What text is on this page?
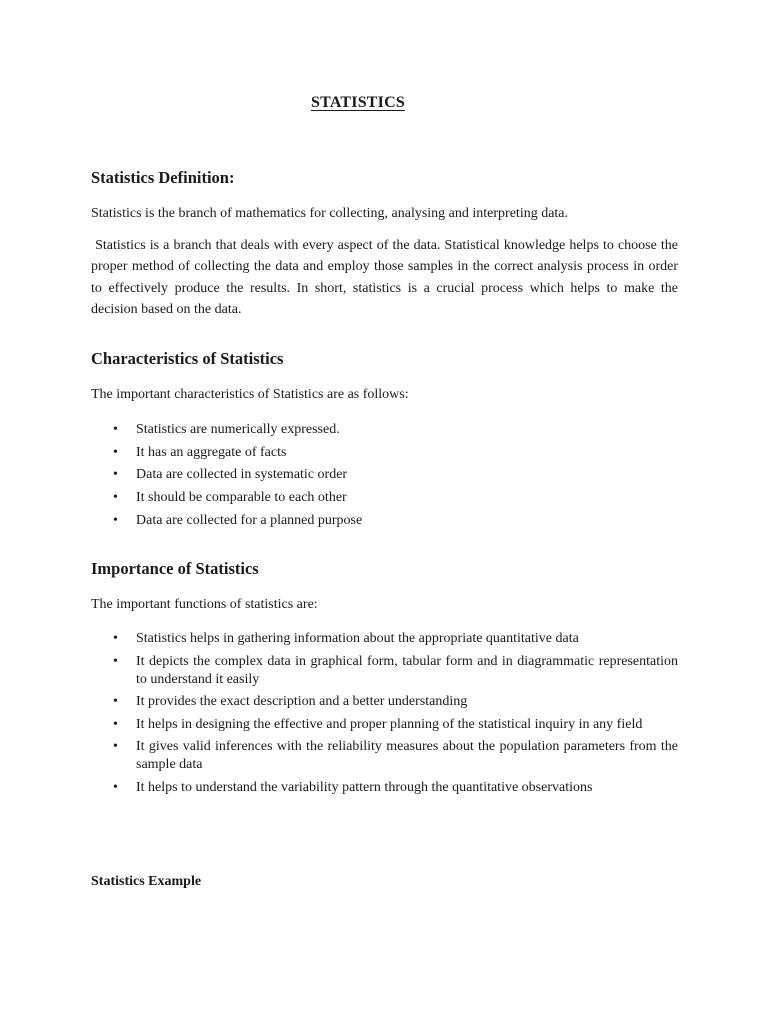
STATISTICS
Statistics Definition:
Statistics is the branch of mathematics for collecting, analysing and interpreting data.
Statistics is a branch that deals with every aspect of the data. Statistical knowledge helps to choose the proper method of collecting the data and employ those samples in the correct analysis process in order to effectively produce the results. In short, statistics is a crucial process which helps to make the decision based on the data.
Characteristics of Statistics
The important characteristics of Statistics are as follows:
• Statistics are numerically expressed.
• It has an aggregate of facts
• Data are collected in systematic order
• It should be comparable to each other
• Data are collected for a planned purpose
Importance of Statistics
The important functions of statistics are:
• Statistics helps in gathering information about the appropriate quantitative data
• It depicts the complex data in graphical form, tabular form and in diagrammatic representation to understand it easily
• It provides the exact description and a better understanding
• It helps in designing the effective and proper planning of the statistical inquiry in any field
• It gives valid inferences with the reliability measures about the population parameters from the sample data
• It helps to understand the variability pattern through the quantitative observations
Statistics Example
